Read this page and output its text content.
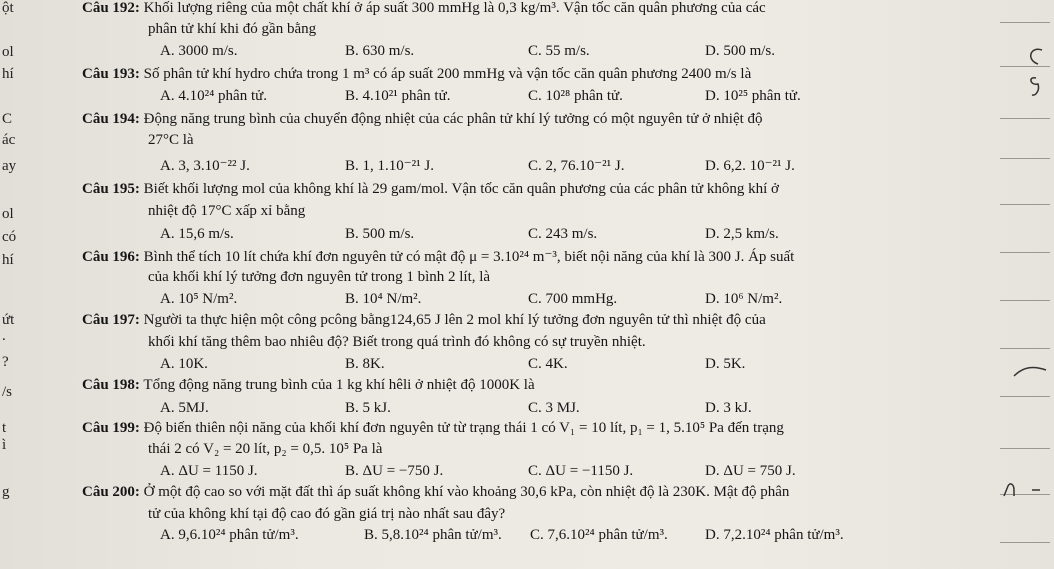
ột
ol
hí
C
ác
ay
ol
có
hí
ứt
.
?
/s
t
ì
g
Câu 192: Khối lượng riêng của một chất khí ở áp suất 300 mmHg là 0,3 kg/m³. Vận tốc căn quân phương của các
phân tử khí khi đó gần bằng
A. 3000 m/s.	B. 630 m/s.	C. 55 m/s.	D. 500 m/s.
Câu 193: Số phân tử khí hydro chứa trong 1 m³ có áp suất 200 mmHg và vận tốc căn quân phương 2400 m/s là
A. 4.10²⁴ phân tử.	B. 4.10²¹ phân tử.	C. 10²⁸ phân tử.	D. 10²⁵ phân tử.
Câu 194: Động năng trung bình của chuyển động nhiệt của các phân tử khí lý tưởng có một nguyên tử ở nhiệt độ
27°C là
A. 3, 3.10⁻²² J.	B. 1, 1.10⁻²¹ J.	C. 2, 76.10⁻²¹ J.	D. 6,2. 10⁻²¹ J.
Câu 195: Biết khối lượng mol của không khí là 29 gam/mol. Vận tốc căn quân phương của các phân tử không khí ở
nhiệt độ 17°C xấp xỉ bằng
A. 15,6 m/s.	B. 500 m/s.	C. 243 m/s.	D. 2,5 km/s.
Câu 196: Bình thể tích 10 lít chứa khí đơn nguyên tử có mật độ μ = 3.10²⁴ m⁻³, biết nội năng của khí là 300 J. Áp suất
của khối khí lý tưởng đơn nguyên tử trong 1 bình 2 lít, là
A. 10⁵ N/m².	B. 10⁴ N/m².	C. 700 mmHg.	D. 10⁶ N/m².
Câu 197: Người ta thực hiện một công pcông bằng124,65 J lên 2 mol khí lý tưởng đơn nguyên tử thì nhiệt độ của
khối khí tăng thêm bao nhiêu độ? Biết trong quá trình đó không có sự truyền nhiệt.
A. 10K.	B. 8K.	C. 4K.	D. 5K.
Câu 198: Tổng động năng trung bình của 1 kg khí hêli ở nhiệt độ 1000K là
A. 5MJ.	B. 5 kJ.	C. 3 MJ.	D. 3 kJ.
Câu 199: Độ biến thiên nội năng của khối khí đơn nguyên tử từ trạng thái 1 có V₁ = 10 lít, p₁ = 1, 5.10⁵ Pa đến trạng
thái 2 có V₂ = 20 lít, p₂ = 0,5. 10⁵ Pa là
A. ΔU = 1150 J.	B. ΔU = −750 J.	C. ΔU = −1150 J.	D. ΔU = 750 J.
Câu 200: Ở một độ cao so với mặt đất thì áp suất không khí vào khoảng 30,6 kPa, còn nhiệt độ là 230K. Mật độ phân
tử của không khí tại độ cao đó gần giá trị nào nhất sau đây?
A. 9,6.10²⁴ phân tử/m³.	B. 5,8.10²⁴ phân tử/m³. C. 7,6.10²⁴ phân tử/m³. D. 7,2.10²⁴ phân tử/m³.
